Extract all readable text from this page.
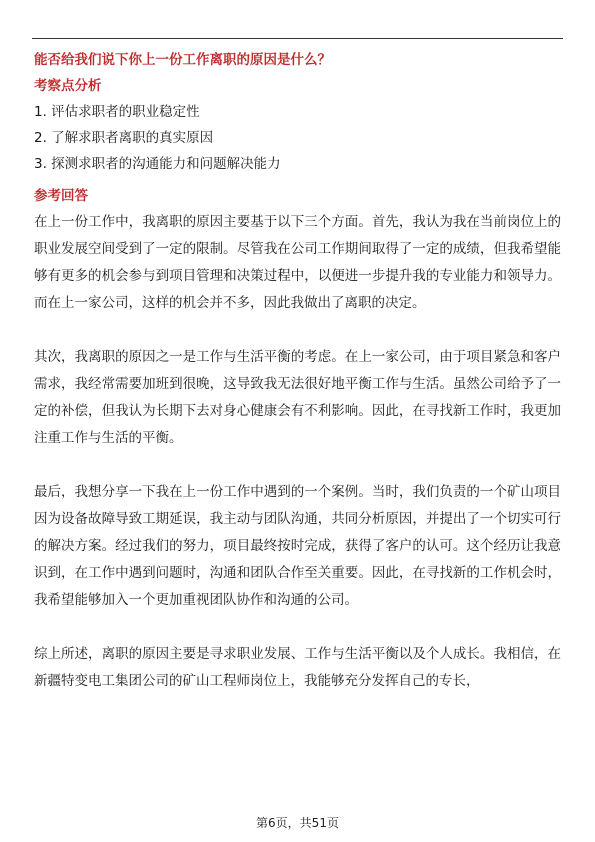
能否给我们说下你上一份工作离职的原因是什么？
考察点分析
1. 评估求职者的职业稳定性
2. 了解求职者离职的真实原因
3. 探测求职者的沟通能力和问题解决能力
参考回答

在上一份工作中，我离职的原因主要基于以下三个方面。首先，我认为我在当前岗位上的职业发展空间受到了一定的限制。尽管我在公司工作期间取得了一定的成绩，但我希望能够有更多的机会参与到项目管理和决策过程中，以便进一步提升我的专业能力和领导力。而在上一家公司，这样的机会并不多，因此我做出了离职的决定。

其次，我离职的原因之一是工作与生活平衡的考虑。在上一家公司，由于项目紧急和客户需求，我经常需要加班到很晚，这导致我无法很好地平衡工作与生活。虽然公司给予了一定的补偿，但我认为长期下去对身心健康会有不利影响。因此，在寻找新工作时，我更加注重工作与生活的平衡。

最后，我想分享一下我在上一份工作中遇到的一个案例。当时，我们负责的一个矿山项目因为设备故障导致工期延误，我主动与团队沟通，共同分析原因，并提出了一个切实可行的解决方案。经过我们的努力，项目最终按时完成，获得了客户的认可。这个经历让我意识到，在工作中遇到问题时，沟通和团队合作至关重要。因此，在寻找新的工作机会时，我希望能够加入一个更加重视团队协作和沟通的公司。

综上所述，离职的原因主要是寻求职业发展、工作与生活平衡以及个人成长。我相信，在新疆特变电工集团公司的矿山工程师岗位上，我能够充分发挥自己的专长，

第6页，共51页
